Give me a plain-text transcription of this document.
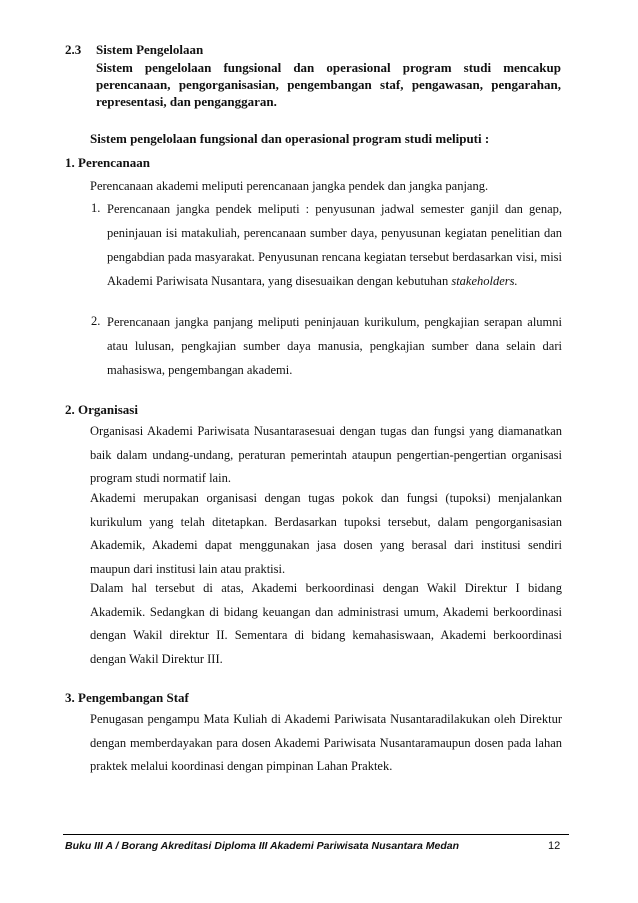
2.3 Sistem Pengelolaan
Sistem pengelolaan fungsional dan operasional program studi mencakup perencanaan, pengorganisasian, pengembangan staf, pengawasan, pengarahan, representasi, dan penganggaran.
Sistem pengelolaan fungsional dan operasional program studi meliputi :
1. Perencanaan
Perencanaan akademi meliputi perencanaan jangka pendek dan jangka panjang.
1. Perencanaan jangka pendek meliputi : penyusunan jadwal semester ganjil dan genap, peninjauan isi matakuliah, perencanaan sumber daya, penyusunan kegiatan penelitian dan pengabdian pada masyarakat. Penyusunan rencana kegiatan tersebut berdasarkan visi, misi Akademi Pariwisata Nusantara, yang disesuaikan dengan kebutuhan stakeholders.
2. Perencanaan jangka panjang meliputi peninjauan kurikulum, pengkajian serapan alumni atau lulusan, pengkajian sumber daya manusia, pengkajian sumber dana selain dari mahasiswa, pengembangan akademi.
2. Organisasi
Organisasi Akademi Pariwisata Nusantarasesuai dengan tugas dan fungsi yang diamanatkan baik dalam undang-undang, peraturan pemerintah ataupun pengertian-pengertian organisasi program studi normatif lain.
Akademi merupakan organisasi dengan tugas pokok dan fungsi (tupoksi) menjalankan kurikulum yang telah ditetapkan. Berdasarkan tupoksi tersebut, dalam pengorganisasian Akademik, Akademi dapat menggunakan jasa dosen yang berasal dari institusi sendiri maupun dari institusi lain atau praktisi.
Dalam hal tersebut di atas, Akademi berkoordinasi dengan Wakil Direktur I bidang Akademik. Sedangkan di bidang keuangan dan administrasi umum, Akademi berkoordinasi dengan Wakil direktur II. Sementara di bidang kemahasiswaan, Akademi berkoordinasi dengan Wakil Direktur III.
3. Pengembangan Staf
Penugasan pengampu Mata Kuliah di Akademi Pariwisata Nusantaradilakukan oleh Direktur dengan memberdayakan para dosen Akademi Pariwisata Nusantaramaupun dosen pada lahan praktek melalui koordinasi dengan pimpinan Lahan Praktek.
Buku III A / Borang Akreditasi Diploma III Akademi Pariwisata Nusantara Medan	12
